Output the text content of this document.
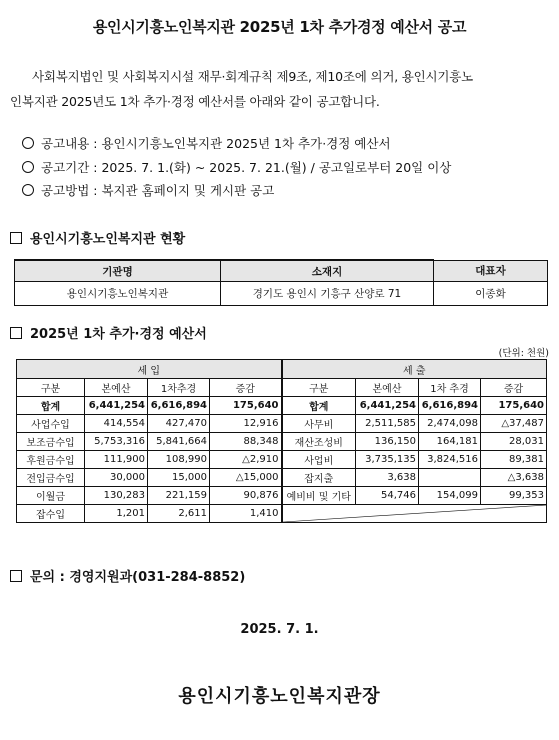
용인시기흥노인복지관 2025년 1차 추가경정 예산서 공고
사회복지법인 및 사회복지시설 재무·회계규칙 제9조, 제10조에 의거, 용인시기흥노
인복지관 2025년도 1차 추가·경정 예산서를 아래와 같이 공고합니다.
공고내용 : 용인시기흥노인복지관 2025년 1차 추가·경정 예산서
공고기간 : 2025. 7. 1.(화) ~ 2025. 7. 21.(월) / 공고일로부터 20일 이상
공고방법 : 복지관 홈페이지 및 게시판 공고
용인시기흥노인복지관 현황
기관명	소재지	대표자
용인시기흥노인복지관	경기도 용인시 기흥구 산양로 71	이종화
2025년 1차 추가·경정 예산서
(단위: 천원)
세 입				세 출			
구분	본예산	1차추경	증감	구분	본예산	1차 추경	증감
합계	6,441,254	6,616,894	175,640	합계	6,441,254	6,616,894	175,640
사업수입	414,554	427,470	12,916	사무비	2,511,585	2,474,098	△37,487
보조금수입	5,753,316	5,841,664	88,348	재산조성비	136,150	164,181	28,031
후원금수입	111,900	108,990	△2,910	사업비	3,735,135	3,824,516	89,381
전입금수입	30,000	15,000	△15,000	잡지출	3,638		△3,638
이월금	130,283	221,159	90,876	예비비 및 기타	54,746	154,099	99,353
잡수입	1,201	2,611	1,410	
문의 : 경영지원과(031-284-8852)
2025. 7. 1.
용인시기흥노인복지관장
